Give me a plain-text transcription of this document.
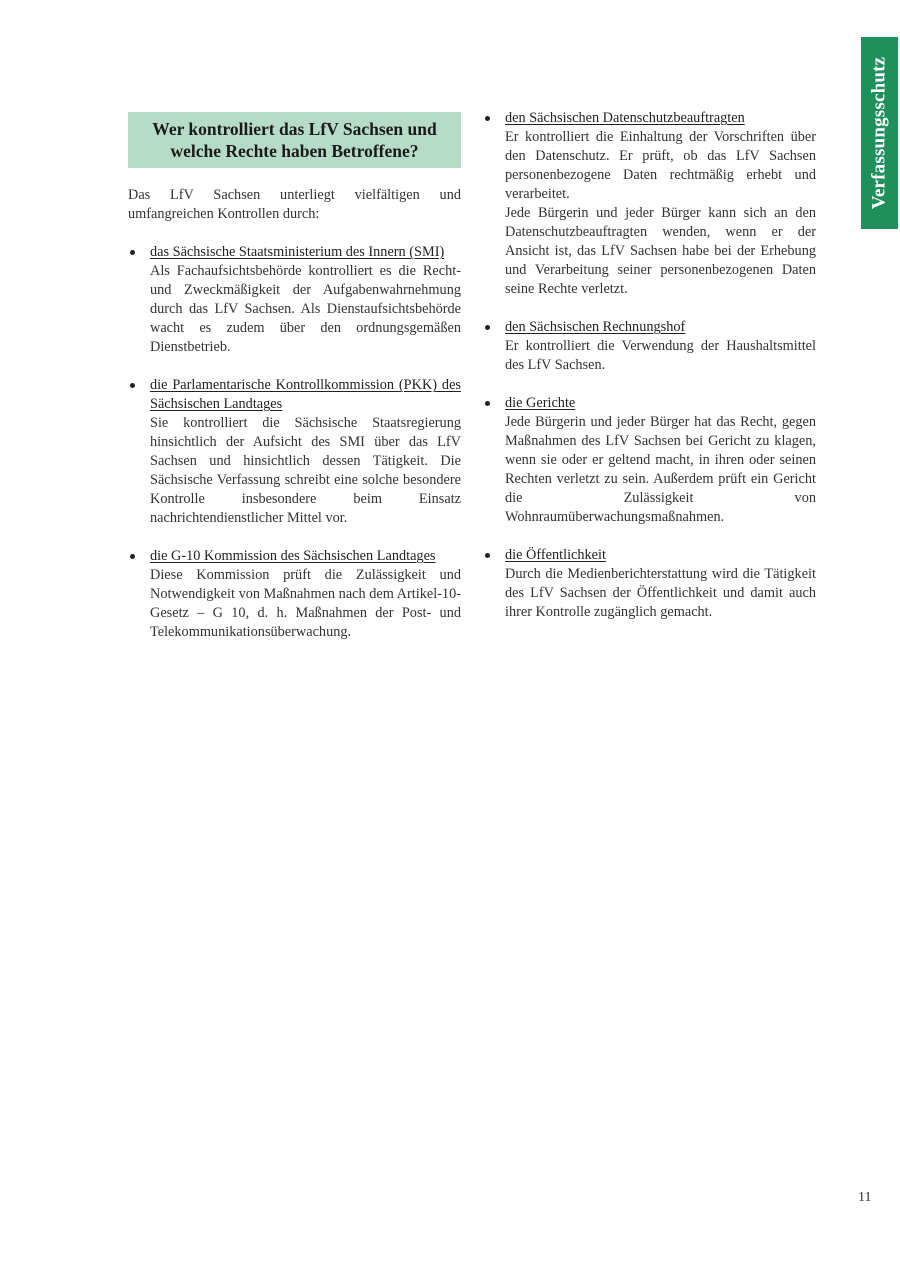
Verfassungsschutz
Wer kontrolliert das LfV Sachsen und
welche Rechte haben Betroffene?

Das LfV Sachsen unterliegt vielfältigen und umfangreichen Kontrollen durch:

das Sächsische Staatsministerium des Innern (SMI)
Als Fachaufsichtsbehörde kontrolliert es die Recht- und Zweckmäßigkeit der Aufgabenwahrnehmung durch das LfV Sachsen. Als Dienstaufsichtsbehörde wacht es zudem über den ordnungsgemäßen Dienstbetrieb.
die Parlamentarische Kontrollkommission (PKK) des Sächsischen Landtages
Sie kontrolliert die Sächsische Staatsregierung hinsichtlich der Aufsicht des SMI über das LfV Sachsen und hinsichtlich dessen Tätigkeit. Die Sächsische Verfassung schreibt eine solche besondere Kontrolle insbesondere beim Einsatz nachrichtendienstlicher Mittel vor.
die G-10 Kommission des Sächsischen Landtages
Diese Kommission prüft die Zulässigkeit und Notwendigkeit von Maßnahmen nach dem Artikel-10-Gesetz – G 10, d. h. Maßnahmen der Post- und Telekommunikationsüberwachung.
den Sächsischen Datenschutzbeauftragten
Er kontrolliert die Einhaltung der Vorschriften über den Datenschutz. Er prüft, ob das LfV Sachsen personenbezogene Daten rechtmäßig erhebt und verarbeitet.
Jede Bürgerin und jeder Bürger kann sich an den Datenschutzbeauftragten wenden, wenn er der Ansicht ist, das LfV Sachsen habe bei der Erhebung und Verarbeitung seiner personenbezogenen Daten seine Rechte verletzt.
den Sächsischen Rechnungshof
Er kontrolliert die Verwendung der Haushaltsmittel des LfV Sachsen.
die Gerichte
Jede Bürgerin und jeder Bürger hat das Recht, gegen Maßnahmen des LfV Sachsen bei Gericht zu klagen, wenn sie oder er geltend macht, in ihren oder seinen Rechten verletzt zu sein. Außerdem prüft ein Gericht die Zulässigkeit von Wohnraumüberwachungsmaßnahmen.
die Öffentlichkeit
Durch die Medienberichterstattung wird die Tätigkeit des LfV Sachsen der Öffentlichkeit und damit auch ihrer Kontrolle zugänglich gemacht.
11
